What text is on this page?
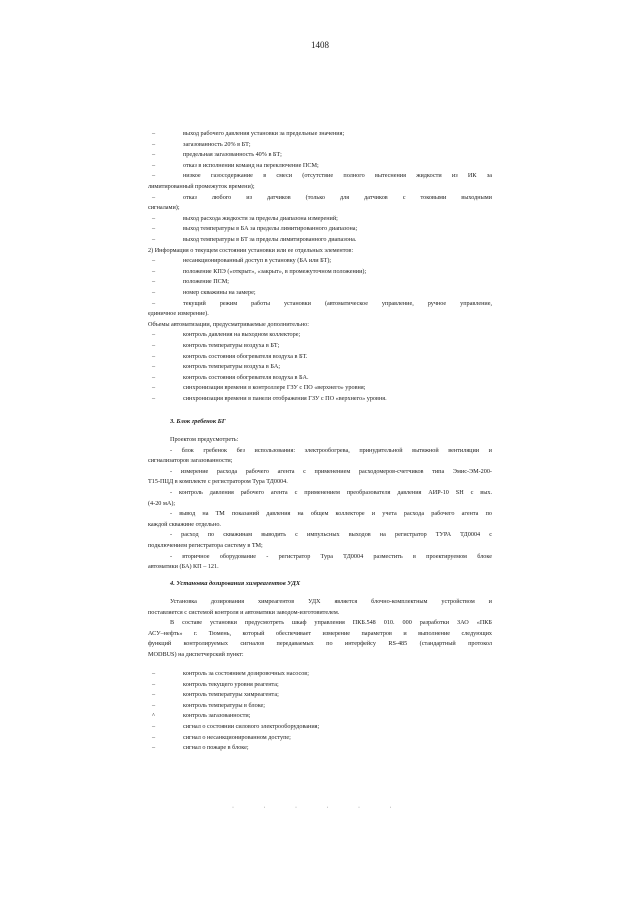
1408
–	выход рабочего давления установки за предельные значения;
–	загазованность 20% в БТ;
–	предельная загазованность 40% в БТ;
–	отказ в исполнении команд на переключение ПСМ;
–	низкое газосодержание в смеси (отсутствие полного вытеснения жидкости из ИК за
лимитированный промежуток времени);
–	отказ любого из датчиков (только для датчиков с токовыми выходными
сигналами);
–	выход расхода жидкости за пределы диапазона измерений;
–	выход температуры в БА за пределы лимитированного диапазона;
–	выход температуры в БТ за пределы лимитированного диапазона.
2) Информация о текущем состоянии установки или ее отдельных элементов:
–	несанкционированный доступ в установку (БА или БТ);
–	положение КПЭ («открыт», «закрыт», в промежуточном положении);
–	положение ПСМ;
–	номер скважины на замере;
–	текущий режим работы установки (автоматическое управление, ручное управление,
единичное измерение).
Объемы автоматизации, предусматриваемые дополнительно:
–	контроль давления на выходном коллекторе;
–	контроль температуры воздуха в БТ;
–	контроль состояния обогревателя воздуха в БТ.
–	контроль температуры воздуха в БА;
–	контроль состояния обогревателя воздуха в БА.
–	синхронизация времени в контроллере ГЗУ с ПО «верхнего» уровня;
–	синхронизация времени в панели отображения ГЗУ с ПО «верхнего» уровня.
3. Блок гребенок БГ
Проектом предусмотреть:
- блок гребенок без использования: электрообогрева, принудительной вытяжной вентиляции и
сигнализаторов загазованности;
- измерение расхода рабочего агента с применением расходомеров-счетчиков типа Эмис-ЭМ-200-
Т15-ПЦД в комплекте с регистратором Тура ТД0004.
- контроль давления рабочего агента с применением преобразователя давления АИР-10 SH с вых.
(4-20 мА);
- вывод на ТМ показаний давления на общем коллекторе и учета расхода рабочего агента по
каждой скважине отдельно.
- расход по скважинам выводить с импульсных выходов на регистратор ТУРА ТД0004 с
подключением регистратора систему в ТМ;
- вторичное оборудование - регистратор Тура ТД0004 разместить в проектируемом блоке
автоматики (БА) КП – 121.
4. Установка дозирования химреагентов УДХ
Установка дозирования химреагентов УДХ является блочно-комплектным устройством и
поставляется с системой контроля и автоматики заводом-изготовителем.
В составе установки предусмотреть шкаф управления ПКБ.548 010. 000 разработки ЗАО «ПКБ
АСУ–нефть» г. Тюмень, который обеспечивает измерение параметров и выполнение следующих
функций контролируемых сигналов передаваемых по интерфейсу RS-485 (стандартный протокол
MODBUS) на диспетчерский пункт:
–	контроль за состоянием дозировочных насосов;
–	контроль текущего уровня реагента;
–	контроль температуры химреагента;
–	контроль температуры в блоке;
^	контроль загазованности;
–	сигнал о состоянии силового электрооборудования;
–	сигнал о несанкционированном доступе;
–	сигнал о пожаре в блоке;
· · · · · ·
